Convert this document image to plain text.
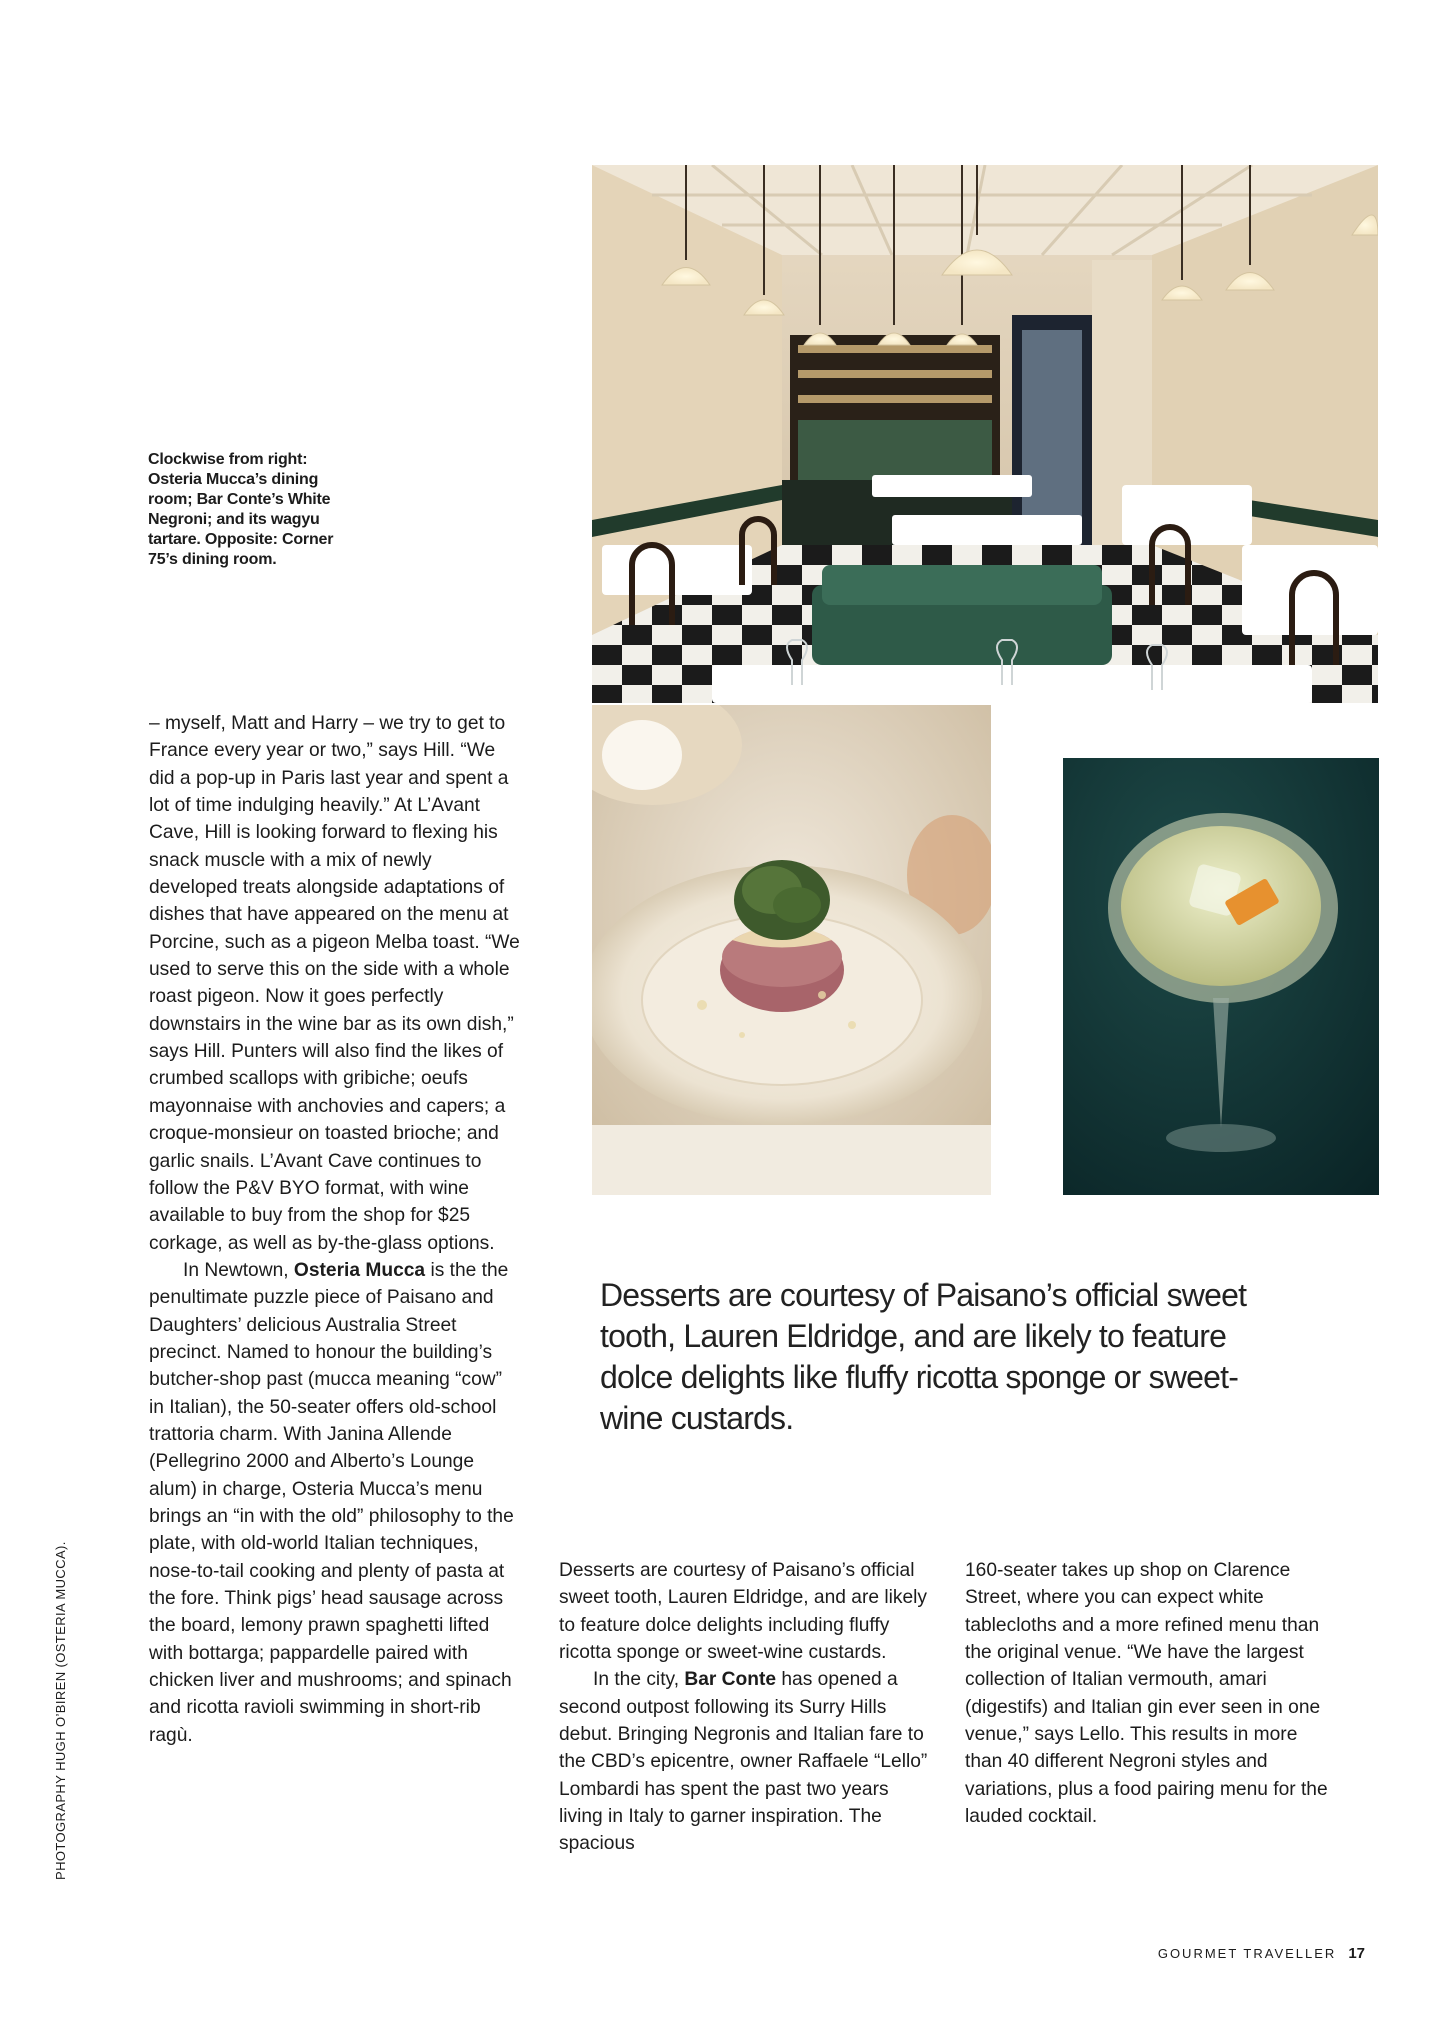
Clockwise from right: Osteria Mucca’s dining room; Bar Conte’s White Negroni; and its wagyu tartare. Opposite: Corner 75’s dining room.
PHOTOGRAPHY HUGH O’BIREN (OSTERIA MUCCA).
Desserts are courtesy of Paisano’s official sweet tooth, Lauren Eldridge, and are likely to feature dolce delights like fluffy ricotta sponge or sweet-wine custards.

– myself, Matt and Harry – we try to get to France every year or two,” says Hill. “We did a pop-up in Paris last year and spent a lot of time indulging heavily.” At L’Avant Cave, Hill is looking forward to flexing his snack muscle with a mix of newly developed treats alongside adaptations of dishes that have appeared on the menu at Porcine, such as a pigeon Melba toast. “We used to serve this on the side with a whole roast pigeon. Now it goes perfectly downstairs in the wine bar as its own dish,” says Hill. Punters will also find the likes of crumbed scallops with gribiche; oeufs mayonnaise with anchovies and capers; a croque-monsieur on toasted brioche; and garlic snails. L’Avant Cave continues to follow the P&V BYO format, with wine available to buy from the shop for $25 corkage, as well as by-the-glass options.

In Newtown, Osteria Mucca is the the penultimate puzzle piece of Paisano and Daughters’ delicious Australia Street precinct. Named to honour the building’s butcher-shop past (mucca meaning “cow” in Italian), the 50-seater offers old-school trattoria charm. With Janina Allende (Pellegrino 2000 and Alberto’s Lounge alum) in charge, Osteria Mucca’s menu brings an “in with the old” philosophy to the plate, with old-world Italian techniques, nose-to-tail cooking and plenty of pasta at the fore. Think pigs’ head sausage across the board, lemony prawn spaghetti lifted with bottarga; pappardelle paired with chicken liver and mushrooms; and spinach and ricotta ravioli swimming in short-rib ragù.

Desserts are courtesy of Paisano’s official sweet tooth, Lauren Eldridge, and are likely to feature dolce delights including fluffy ricotta sponge or sweet-wine custards.

In the city, Bar Conte has opened a second outpost following its Surry Hills debut. Bringing Negronis and Italian fare to the CBD’s epicentre, owner Raffaele “Lello” Lombardi has spent the past two years living in Italy to garner inspiration. The spacious

160-seater takes up shop on Clarence Street, where you can expect white tablecloths and a more refined menu than the original venue. “We have the largest collection of Italian vermouth, amari (digestifs) and Italian gin ever seen in one venue,” says Lello. This results in more than 40 different Negroni styles and variations, plus a food pairing menu for the lauded cocktail.

GOURMET TRAVELLER 17
